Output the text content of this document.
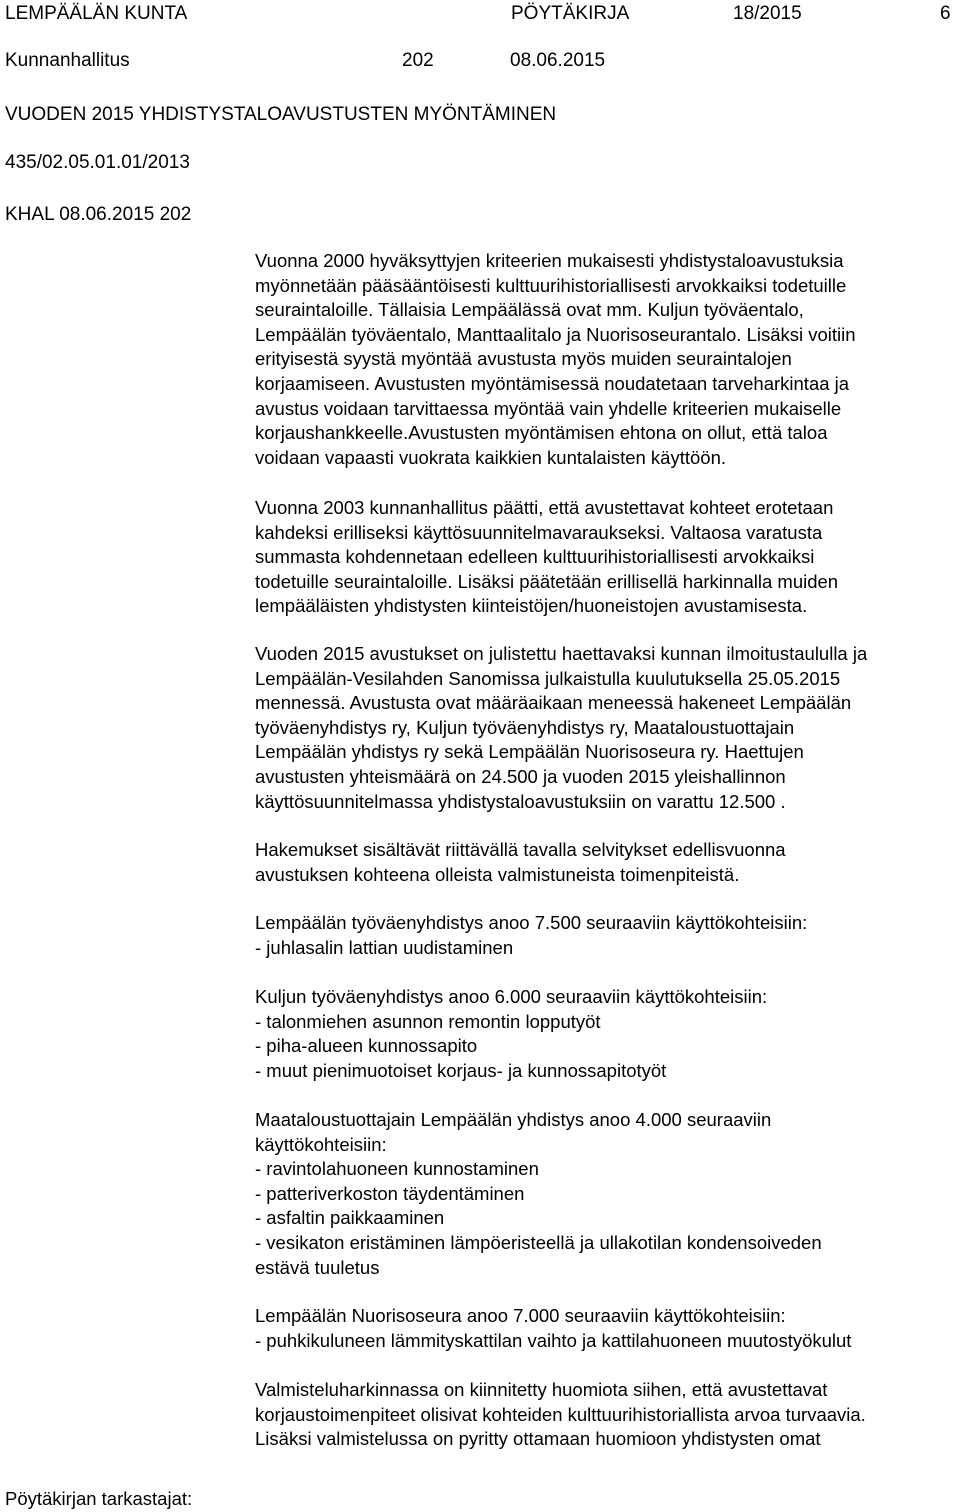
LEMPÄÄLÄN KUNTA	PÖYTÄKIRJA	18/2015	6
Kunnanhallitus	202	08.06.2015
VUODEN 2015 YHDISTYSTALOAVUSTUSTEN MYÖNTÄMINEN
435/02.05.01.01/2013
KHAL 08.06.2015 202
Vuonna 2000 hyväksyttyjen kriteerien mukaisesti yhdistystaloavustuksia
myönnetään pääsääntöisesti kulttuurihistoriallisesti arvokkaiksi todetuille
seuraintaloille. Tällaisia Lempäälässä ovat mm. Kuljun työväentalo,
Lempäälän työväentalo, Manttaalitalo ja Nuorisoseurantalo. Lisäksi voitiin
erityisestä syystä myöntää avustusta myös muiden seuraintalojen
korjaamiseen. Avustusten myöntämisessä noudatetaan tarveharkintaa ja
avustus voidaan tarvittaessa myöntää vain yhdelle kriteerien mukaiselle
korjaushankkeelle.Avustusten myöntämisen ehtona on ollut, että taloa
voidaan vapaasti vuokrata kaikkien kuntalaisten käyttöön.
Vuonna 2003 kunnanhallitus päätti, että avustettavat kohteet erotetaan
kahdeksi erilliseksi käyttösuunnitelmavaraukseksi. Valtaosa varatusta
summasta kohdennetaan edelleen kulttuurihistoriallisesti arvokkaiksi
todetuille seuraintaloille. Lisäksi päätetään erillisellä harkinnalla muiden
lempääläisten yhdistysten kiinteistöjen/huoneistojen avustamisesta.
Vuoden 2015 avustukset on julistettu haettavaksi kunnan ilmoitustaululla ja
Lempäälän-Vesilahden Sanomissa julkaistulla kuulutuksella 25.05.2015
mennessä. Avustusta ovat määräaikaan meneessä hakeneet Lempäälän
työväenyhdistys ry, Kuljun työväenyhdistys ry, Maataloustuottajain
Lempäälän yhdistys ry sekä Lempäälän Nuorisoseura ry. Haettujen
avustusten yhteismäärä on 24.500 ja vuoden 2015 yleishallinnon
käyttösuunnitelmassa yhdistystaloavustuksiin on varattu 12.500 .
Hakemukset sisältävät riittävällä tavalla selvitykset edellisvuonna
avustuksen kohteena olleista valmistuneista toimenpiteistä.
Lempäälän työväenyhdistys anoo 7.500 seuraaviin käyttökohteisiin:
- juhlasalin lattian uudistaminen
Kuljun työväenyhdistys anoo 6.000 seuraaviin käyttökohteisiin:
- talonmiehen asunnon remontin lopputyöt
- piha-alueen kunnossapito
- muut pienimuotoiset korjaus- ja kunnossapitotyöt
Maataloustuottajain Lempäälän yhdistys anoo 4.000 seuraaviin
käyttökohteisiin:
- ravintolahuoneen kunnostaminen
- patteriverkoston täydentäminen
- asfaltin paikkaaminen
- vesikaton eristäminen lämpöeristeellä ja ullakotilan kondensoiveden
estävä tuuletus
Lempäälän Nuorisoseura anoo 7.000 seuraaviin käyttökohteisiin:
- puhkikuluneen lämmityskattilan vaihto ja kattilahuoneen muutostyökulut
Valmisteluharkinnassa on kiinnitetty huomiota siihen, että avustettavat
korjaustoimenpiteet olisivat kohteiden kulttuurihistoriallista arvoa turvaavia.
Lisäksi valmistelussa on pyritty ottamaan huomioon yhdistysten omat
Pöytäkirjan tarkastajat:
